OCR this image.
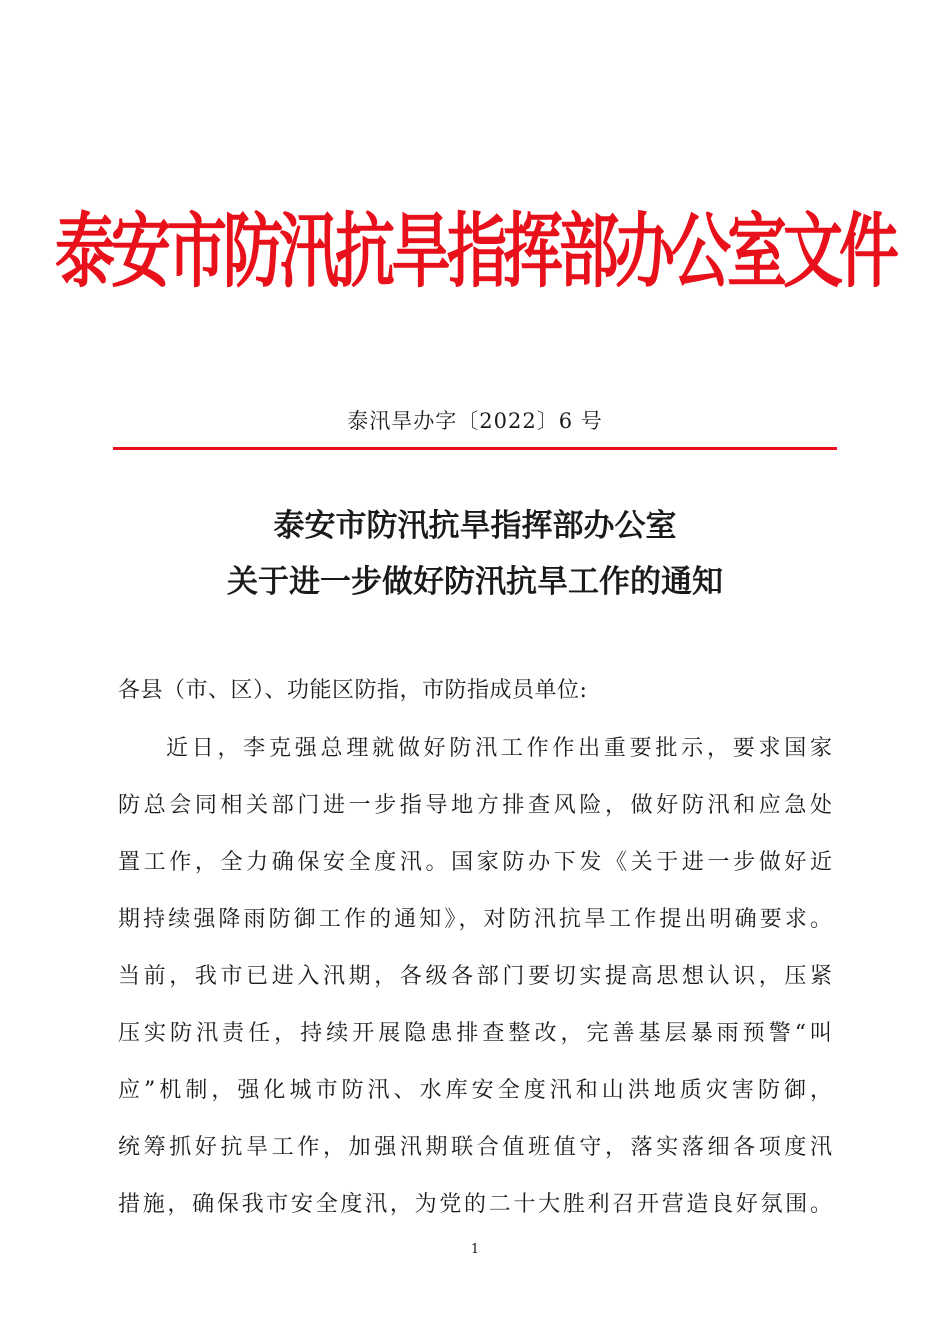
泰安市防汛抗旱指挥部办公室文件
泰汛旱办字〔2022〕6 号
泰安市防汛抗旱指挥部办公室
关于进一步做好防汛抗旱工作的通知
各县（市、区）、功能区防指，市防指成员单位:
近日，李克强总理就做好防汛工作作出重要批示，要求国家
防总会同相关部门进一步指导地方排查风险，做好防汛和应急处
置工作，全力确保安全度汛。国家防办下发《关于进一步做好近
期持续强降雨防御工作的通知》，对防汛抗旱工作提出明确要求。
当前，我市已进入汛期，各级各部门要切实提高思想认识，压紧
压实防汛责任，持续开展隐患排查整改，完善基层暴雨预警“叫
应”机制，强化城市防汛、水库安全度汛和山洪地质灾害防御，
统筹抓好抗旱工作，加强汛期联合值班值守，落实落细各项度汛
措施，确保我市安全度汛，为党的二十大胜利召开营造良好氛围。
1
